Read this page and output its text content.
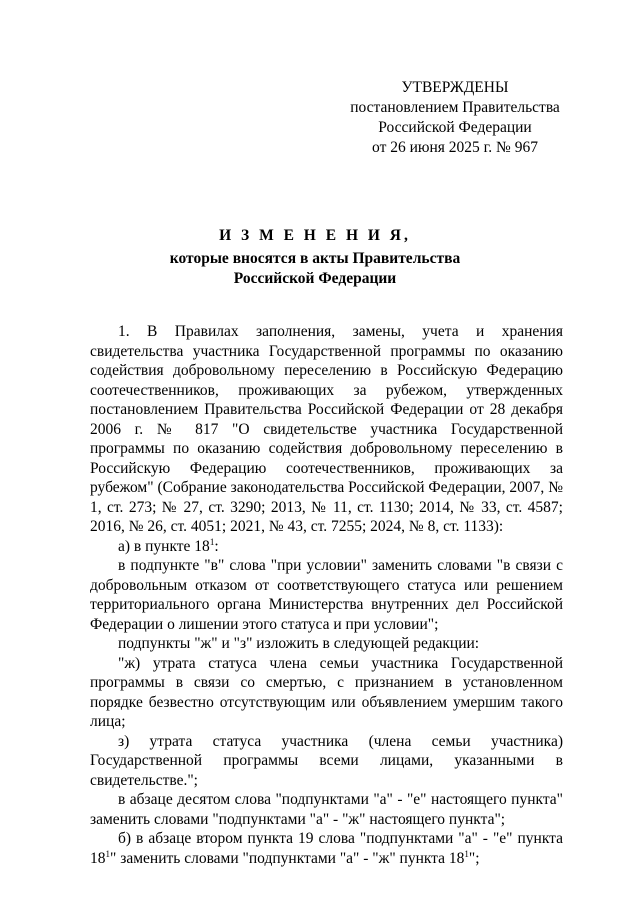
УТВЕРЖДЕНЫ
постановлением Правительства
Российской Федерации
от 26 июня 2025 г. № 967
И З М Е Н Е Н И Я,
которые вносятся в акты Правительства
Российской Федерации

1. В Правилах заполнения, замены, учета и хранения свидетельства участника Государственной программы по оказанию содействия добровольному переселению в Российскую Федерацию соотечественников, проживающих за рубежом, утвержденных постановлением Правительства Российской Федерации от 28 декабря 2006 г. № 817 "О свидетельстве участника Государственной программы по оказанию содействия добровольному переселению в Российскую Федерацию соотечественников, проживающих за рубежом" (Собрание законодательства Российской Федерации, 2007, № 1, ст. 273; № 27, ст. 3290; 2013, № 11, ст. 1130; 2014, № 33, ст. 4587; 2016, № 26, ст. 4051; 2021, № 43, ст. 7255; 2024, № 8, ст. 1133):

а) в пункте $18^1$:

в подпункте "в" слова "при условии" заменить словами "в связи с добровольным отказом от соответствующего статуса или решением территориального органа Министерства внутренних дел Российской Федерации о лишении этого статуса и при условии";

подпункты "ж" и "з" изложить в следующей редакции:

"ж) утрата статуса члена семьи участника Государственной программы в связи со смертью, с признанием в установленном порядке безвестно отсутствующим или объявлением умершим такого лица;

з) утрата статуса участника (члена семьи участника) Государственной программы всеми лицами, указанными в свидетельстве.";

в абзаце десятом слова "подпунктами "а" - "е" настоящего пункта" заменить словами "подпунктами "а" - "ж" настоящего пункта";

б) в абзаце втором пункта 19 слова "подпунктами "а" - "е" пункта $18^1$" заменить словами "подпунктами "а" - "ж" пункта $18^1$";
